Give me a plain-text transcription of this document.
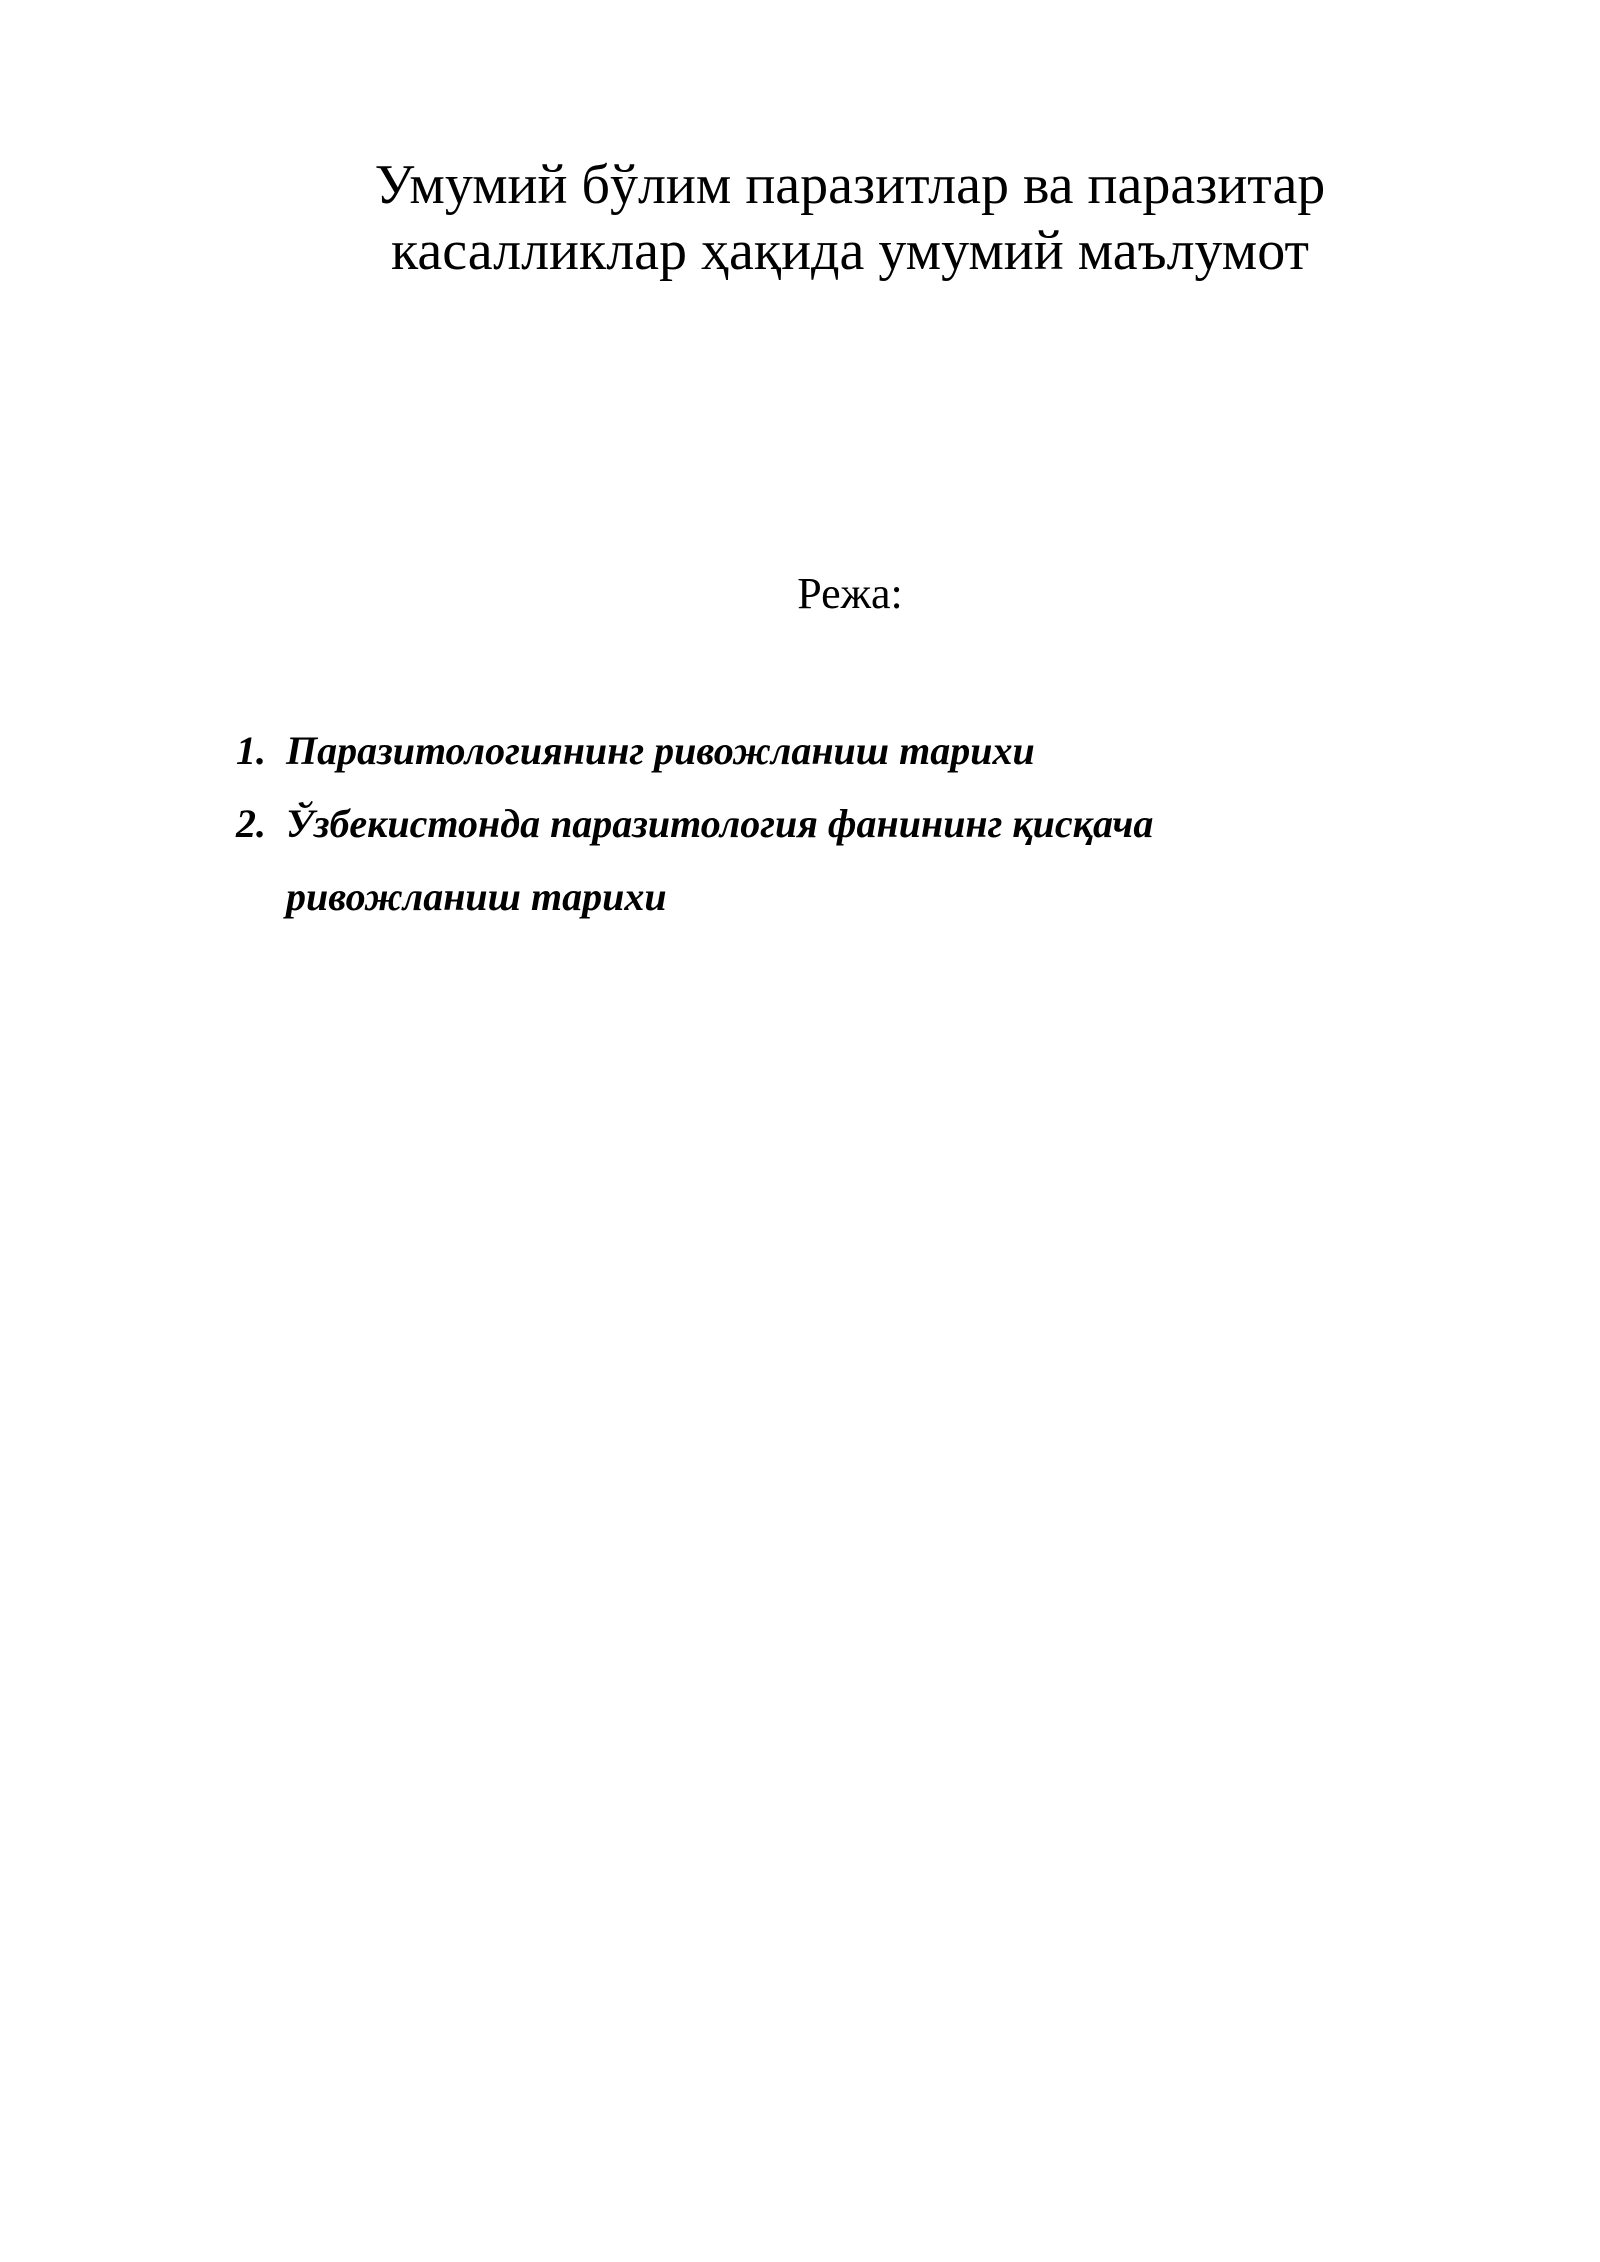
Умумий бўлим паразитлар ва паразитар
касалликлар ҳақида умумий маълумот
Режа:
1. Паразитологиянинг ривожланиш тарихи
2. Ўзбекистонда паразитология фанининг қисқача ривожланиш тарихи
